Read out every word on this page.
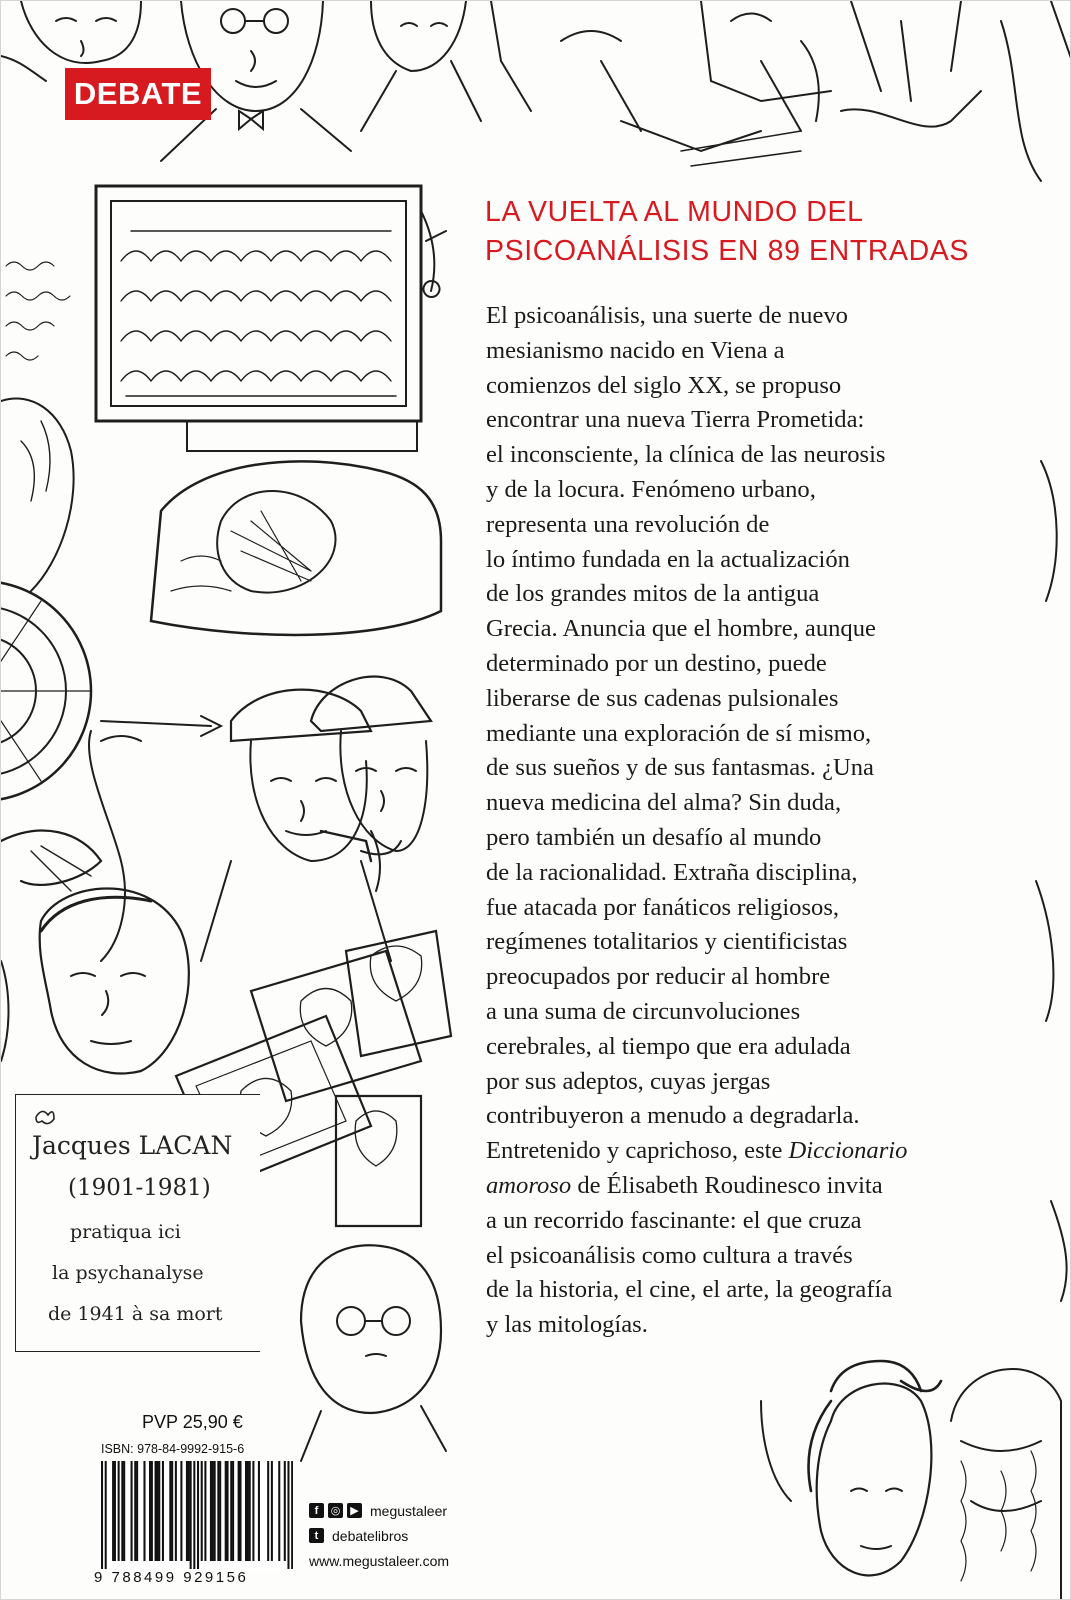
DEBATE
LA VUELTA AL MUNDO DEL
PSICOANÁLISIS EN 89 ENTRADAS
El psicoanálisis, una suerte de nuevo
mesianismo nacido en Viena a
comienzos del siglo XX, se propuso
encontrar una nueva Tierra Prometida:
el inconsciente, la clínica de las neurosis
y de la locura. Fenómeno urbano,
representa una revolución de
lo íntimo fundada en la actualización
de los grandes mitos de la antigua
Grecia. Anuncia que el hombre, aunque
determinado por un destino, puede
liberarse de sus cadenas pulsionales
mediante una exploración de sí mismo,
de sus sueños y de sus fantasmas. ¿Una
nueva medicina del alma? Sin duda,
pero también un desafío al mundo
de la racionalidad. Extraña disciplina,
fue atacada por fanáticos religiosos,
regímenes totalitarios y cientificistas
preocupados por reducir al hombre
a una suma de circunvoluciones
cerebrales, al tiempo que era adulada
por sus adeptos, cuyas jergas
contribuyeron a menudo a degradarla.
Entretenido y caprichoso, este Diccionario
amoroso de Élisabeth Roudinesco invita
a un recorrido fascinante: el que cruza
el psicoanálisis como cultura a través
de la historia, el cine, el arte, la geografía
y las mitologías.
Jacques LACAN
(1901-1981)
pratiqua ici
la psychanalyse
de 1941 à sa mort
PVP 25,90 €
ISBN: 978-84-9992-915-6
9 788499 929156
f	◎ ▶ megustaleer
t debatelibros
www.megustaleer.com
